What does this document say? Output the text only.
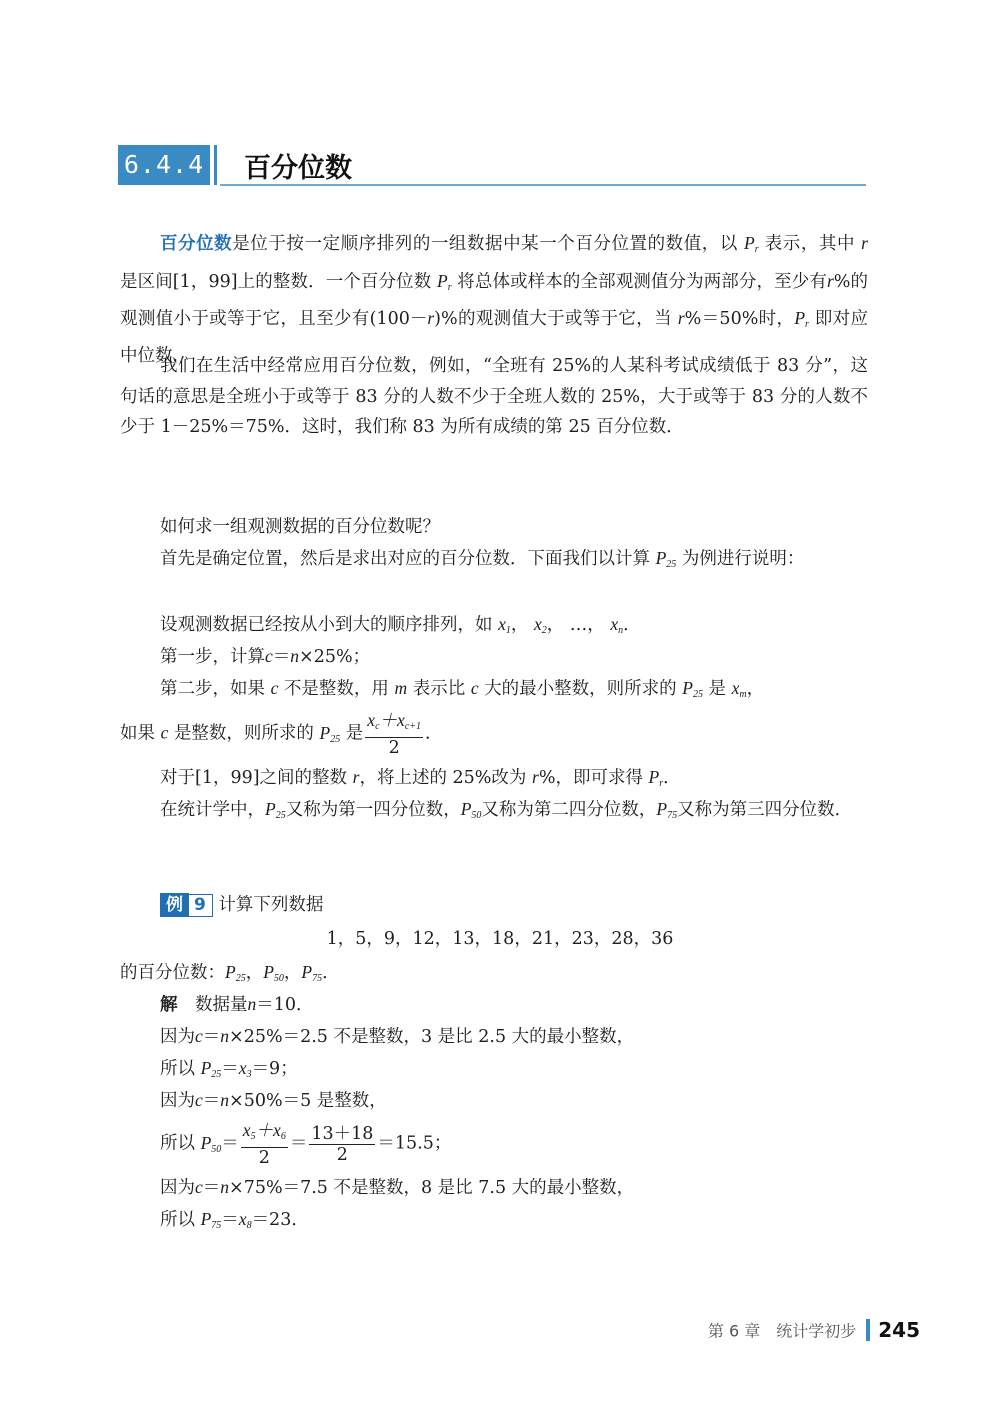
6.4.4 百分位数

百分位数是位于按一定顺序排列的一组数据中某一个百分位置的数值，以 $P_r$ 表示，其中 r 是区间[1，99]上的整数．一个百分位数 $P_r$ 将总体或样本的全部观测值分为两部分，至少有r%的观测值小于或等于它，且至少有(100－r)%的观测值大于或等于它，当 r%＝50%时，$P_r$ 即对应中位数．

我们在生活中经常应用百分位数，例如，“全班有 25%的人某科考试成绩低于 83 分”，这句话的意思是全班小于或等于 83 分的人数不少于全班人数的 25%，大于或等于 83 分的人数不少于 1－25%＝75%．这时，我们称 83 为所有成绩的第 25 百分位数．

如何求一组观测数据的百分位数呢？

首先是确定位置，然后是求出对应的百分位数．下面我们以计算 $P_{25}$ 为例进行说明：

设观测数据已经按从小到大的顺序排列，如 $x_1$， $x_2$， …， $x_n$．

第一步，计算c＝n×25%；

第二步，如果 c 不是整数，用 m 表示比 c 大的最小整数，则所求的 $P_{25}$ 是 $x_m$，

如果 c 是整数，则所求的 $P_{25}$ 是 $\frac{x_c+x_{c+1}}{2}$ ．

对于[1，99]之间的整数 r，将上述的 25%改为 r%，即可求得 $P_r$．

在统计学中，$P_{25}$又称为第一四分位数，$P_{50}$又称为第二四分位数，$P_{75}$又称为第三四分位数．

例 9 计算下列数据

1，5，9，12，13，18，21，23，28，36

的百分位数：$P_{25}$，$P_{50}$，$P_{75}$．

解　 数据量n＝10．

因为c＝n×25%＝2.5 不是整数，3 是比 2.5 大的最小整数，

所以 $P_{25}=x_3=9$；

因为c＝n×50%＝5 是整数，

所以 $P_{50}= \frac{x_5+x_6}{2} = \frac{13+18}{2} =15.5$；

因为c＝n×75%＝7.5 不是整数，8 是比 7.5 大的最小整数，

所以 $P_{75}=x_8=23$．

第 6 章　统计学初步 245
